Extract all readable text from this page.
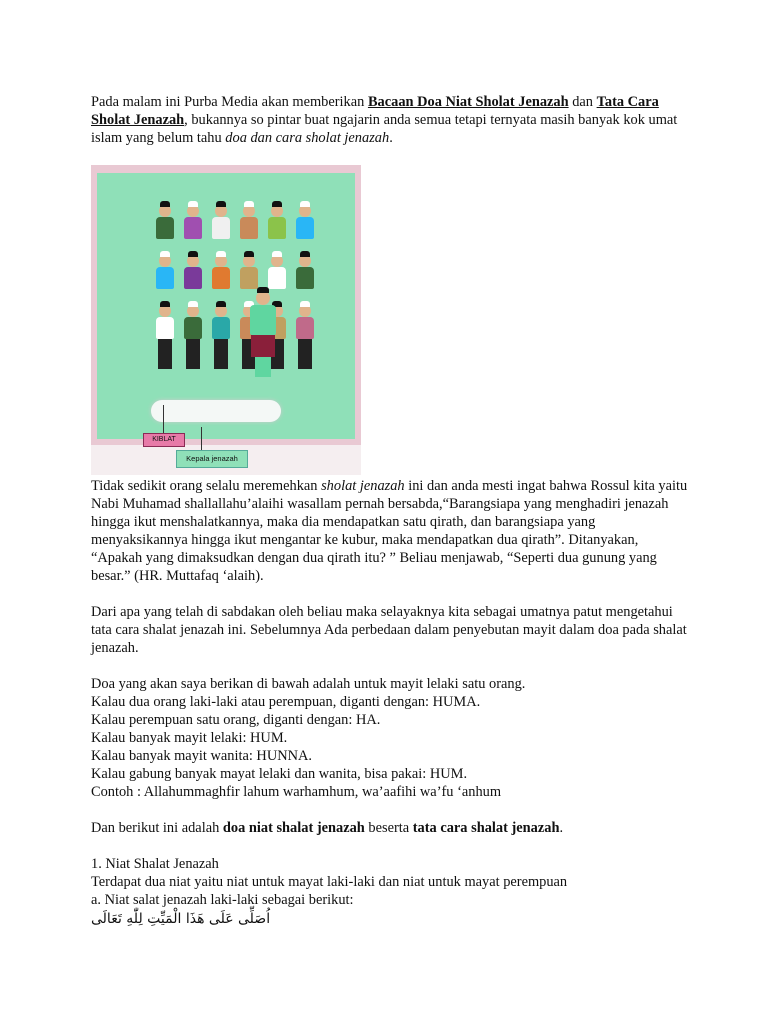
Pada malam ini Purba Media akan memberikan Bacaan Doa Niat Sholat Jenazah dan Tata Cara Sholat Jenazah, bukannya so pintar buat ngajarin anda semua tetapi ternyata masih banyak kok umat islam yang belum tahu doa dan cara sholat jenazah.

KIBLAT
Kepala jenazah

Tidak sedikit orang selalu meremehkan sholat jenazah ini dan anda mesti ingat bahwa Rossul kita yaitu Nabi Muhamad shallallahu’alaihi wasallam pernah bersabda,“Barangsiapa yang menghadiri jenazah hingga ikut menshalatkannya, maka dia mendapatkan satu qirath, dan barangsiapa yang menyaksikannya hingga ikut mengantar ke kubur, maka mendapatkan dua qirath”. Ditanyakan, “Apakah yang dimaksudkan dengan dua qirath itu? ” Beliau menjawab, “Seperti dua gunung yang besar.” (HR. Muttafaq ‘alaih).

Dari apa yang telah di sabdakan oleh beliau maka selayaknya kita sebagai umatnya patut mengetahui tata cara shalat jenazah ini. Sebelumnya Ada perbedaan dalam penyebutan mayit dalam doa pada shalat jenazah.

Doa yang akan saya berikan di bawah adalah untuk mayit lelaki satu orang.

Kalau dua orang laki-laki atau perempuan, diganti dengan: HUMA.

Kalau perempuan satu orang, diganti dengan: HA.

Kalau banyak mayit lelaki: HUM.

Kalau banyak mayit wanita: HUNNA.

Kalau gabung banyak mayat lelaki dan wanita, bisa pakai: HUM.

Contoh : Allahummaghfir lahum warhamhum, wa’aafihi wa’fu ‘anhum

Dan berikut ini adalah doa niat shalat jenazah beserta tata cara shalat jenazah.

1. Niat Shalat Jenazah

Terdapat dua niat yaitu niat untuk mayat laki-laki dan niat untuk mayat perempuan

a. Niat salat jenazah laki-laki sebagai berikut:

اُصَلِّى عَلَى هَذَا الْمَيِّتِ لِلّٰهِ تَعَالَى
